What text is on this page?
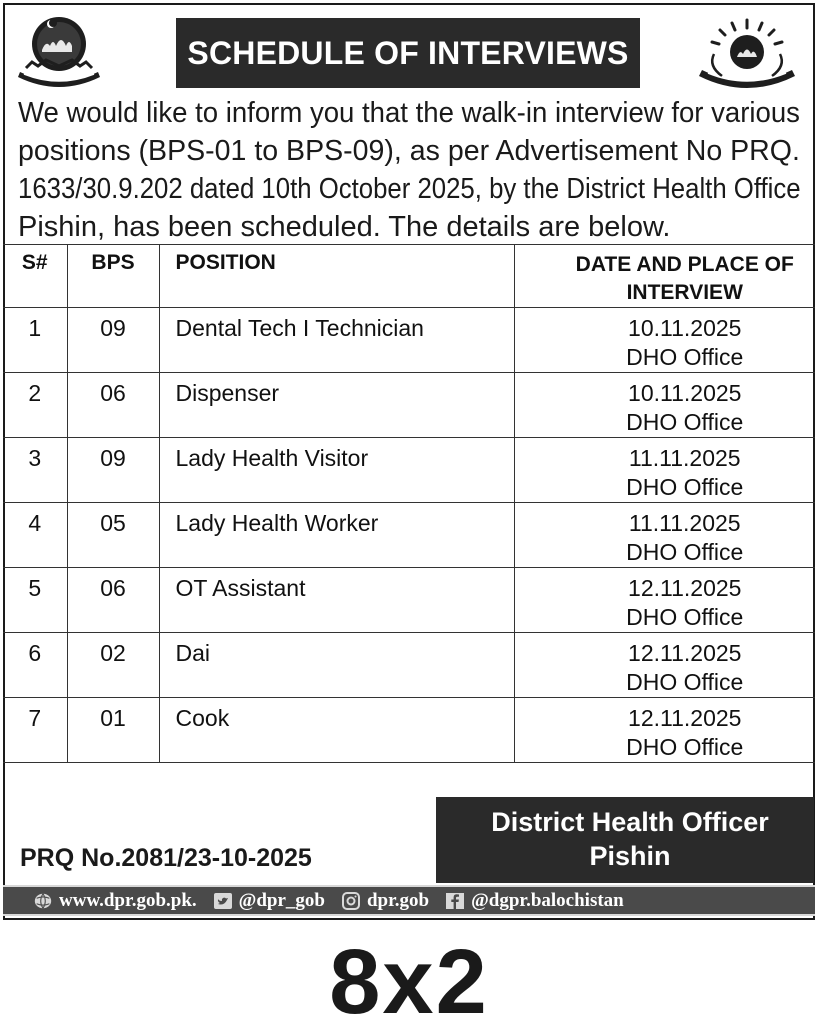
SCHEDULE OF INTERVIEWS
We would like to inform you that the walk-in interview for various
positions (BPS-01 to BPS-09), as per Advertisement No PRQ.
1633/30.9.202 dated 10th October 2025, by the District Health Office
Pishin, has been scheduled. The details are below.
S#	BPS	POSITION	DATE AND PLACE OF
INTERVIEW

1	09	Dental Tech I Technician	10.11.2025
DHO Office

2	06	Dispenser	10.11.2025
DHO Office

3	09	Lady Health Visitor	11.11.2025
DHO Office

4	05	Lady Health Worker	11.11.2025
DHO Office

5	06	OT Assistant	12.11.2025
DHO Office

6	02	Dai	12.11.2025
DHO Office

7	01	Cook	12.11.2025
DHO Office
District Health Officer
Pishin
PRQ No.2081/23-10-2025
www.dpr.gob.pk. @dpr_gob dpr.gob @dgpr.balochistan
8x2
